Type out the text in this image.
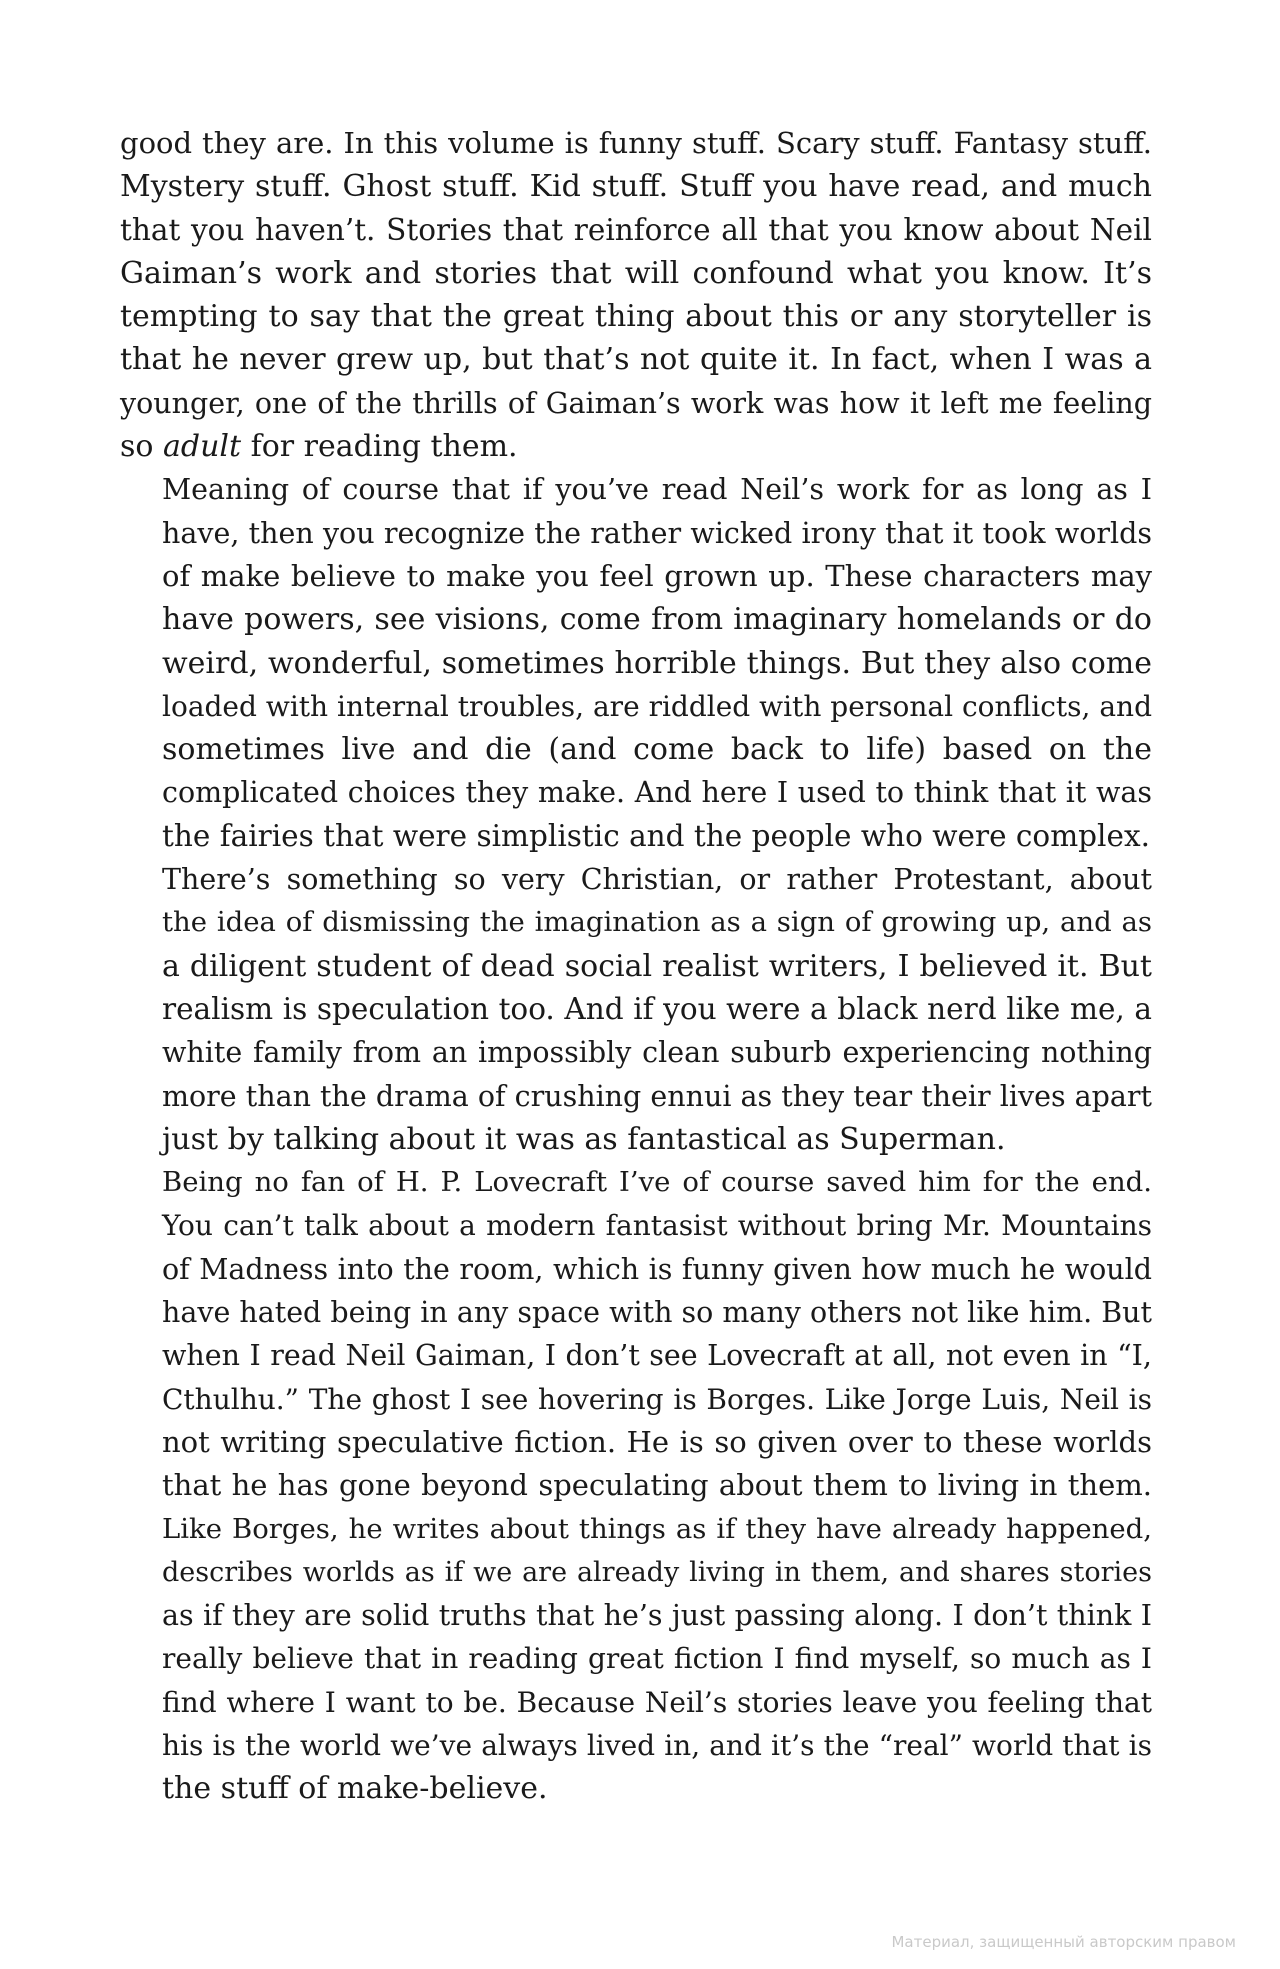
good they are. In this volume is funny stuff. Scary stuff. Fantasy stuff.
Mystery stuff. Ghost stuff. Kid stuff. Stuff you have read, and much
that you haven’t. Stories that reinforce all that you know about Neil
Gaiman’s work and stories that will confound what you know. It’s
tempting to say that the great thing about this or any storyteller is
that he never grew up, but that’s not quite it. In fact, when I was a
younger, one of the thrills of Gaiman’s work was how it left me feeling
so adult for reading them.

Meaning of course that if you’ve read Neil’s work for as long as I
have, then you recognize the rather wicked irony that it took worlds
of make believe to make you feel grown up. These characters may
have powers, see visions, come from imaginary homelands or do
weird, wonderful, sometimes horrible things. But they also come
loaded with internal troubles, are riddled with personal conflicts, and
sometimes live and die (and come back to life) based on the
complicated choices they make. And here I used to think that it was
the fairies that were simplistic and the people who were complex.

There’s something so very Christian, or rather Protestant, about
the idea of dismissing the imagination as a sign of growing up, and as
a diligent student of dead social realist writers, I believed it. But
realism is speculation too. And if you were a black nerd like me, a
white family from an impossibly clean suburb experiencing nothing
more than the drama of crushing ennui as they tear their lives apart
just by talking about it was as fantastical as Superman.

Being no fan of H. P. Lovecraft I’ve of course saved him for the end.
You can’t talk about a modern fantasist without bring Mr. Mountains
of Madness into the room, which is funny given how much he would
have hated being in any space with so many others not like him. But
when I read Neil Gaiman, I don’t see Lovecraft at all, not even in “I,
Cthulhu.” The ghost I see hovering is Borges. Like Jorge Luis, Neil is
not writing speculative fiction. He is so given over to these worlds
that he has gone beyond speculating about them to living in them.
Like Borges, he writes about things as if they have already happened,
describes worlds as if we are already living in them, and shares stories
as if they are solid truths that he’s just passing along. I don’t think I
really believe that in reading great fiction I find myself, so much as I
find where I want to be. Because Neil’s stories leave you feeling that
his is the world we’ve always lived in, and it’s the “real” world that is
the stuff of make-believe.

Материал, защищенный авторским правом
